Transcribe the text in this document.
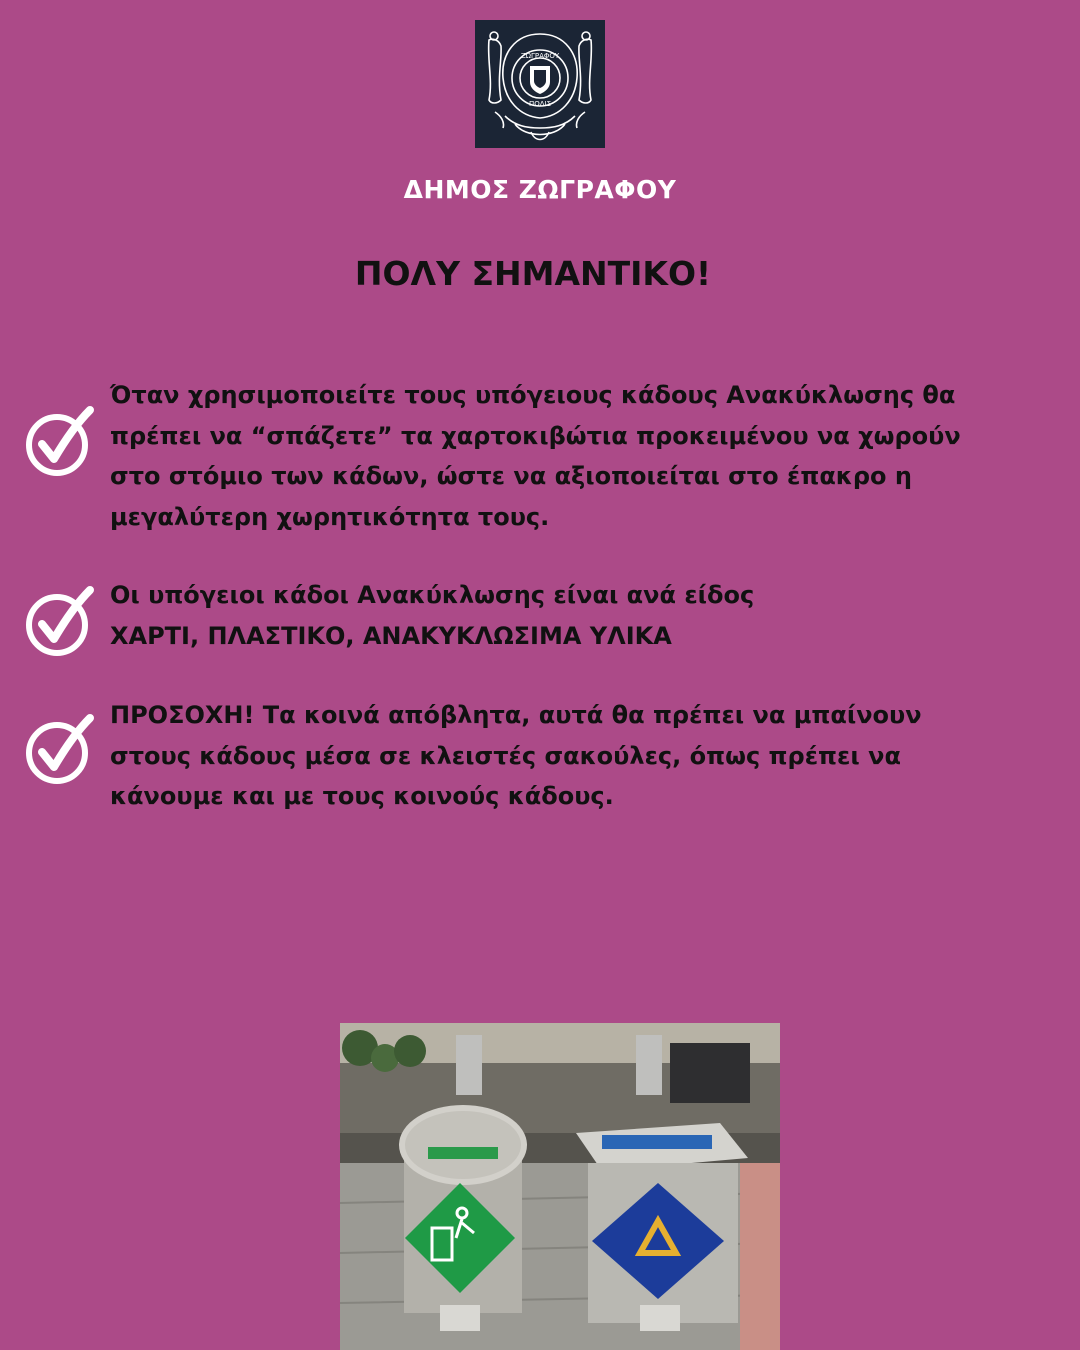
ΖΩΓΡΑΦΟΥ
ΠΟΛΙΣ
ΔΗΜΟΣ ΖΩΓΡΑΦΟΥ
ΠΟΛΥ ΣΗΜΑΝΤΙΚΟ!
Όταν χρησιμοποιείτε τους υπόγειους κάδους Ανακύκλωσης θα
πρέπει να “σπάζετε” τα χαρτοκιβώτια προκειμένου να χωρούν
στο στόμιο των κάδων, ώστε να αξιοποιείται στο έπακρο η
μεγαλύτερη χωρητικότητα τους.
Οι υπόγειοι κάδοι Ανακύκλωσης είναι ανά είδος
ΧΑΡΤΙ, ΠΛΑΣΤΙΚΟ, ΑΝΑΚΥΚΛΩΣΙΜΑ ΥΛΙΚΑ
ΠΡΟΣΟΧΗ! Τα κοινά απόβλητα, αυτά θα πρέπει να μπαίνουν
στους κάδους μέσα σε κλειστές σακούλες, όπως πρέπει να
κάνουμε και με τους κοινούς κάδους.
